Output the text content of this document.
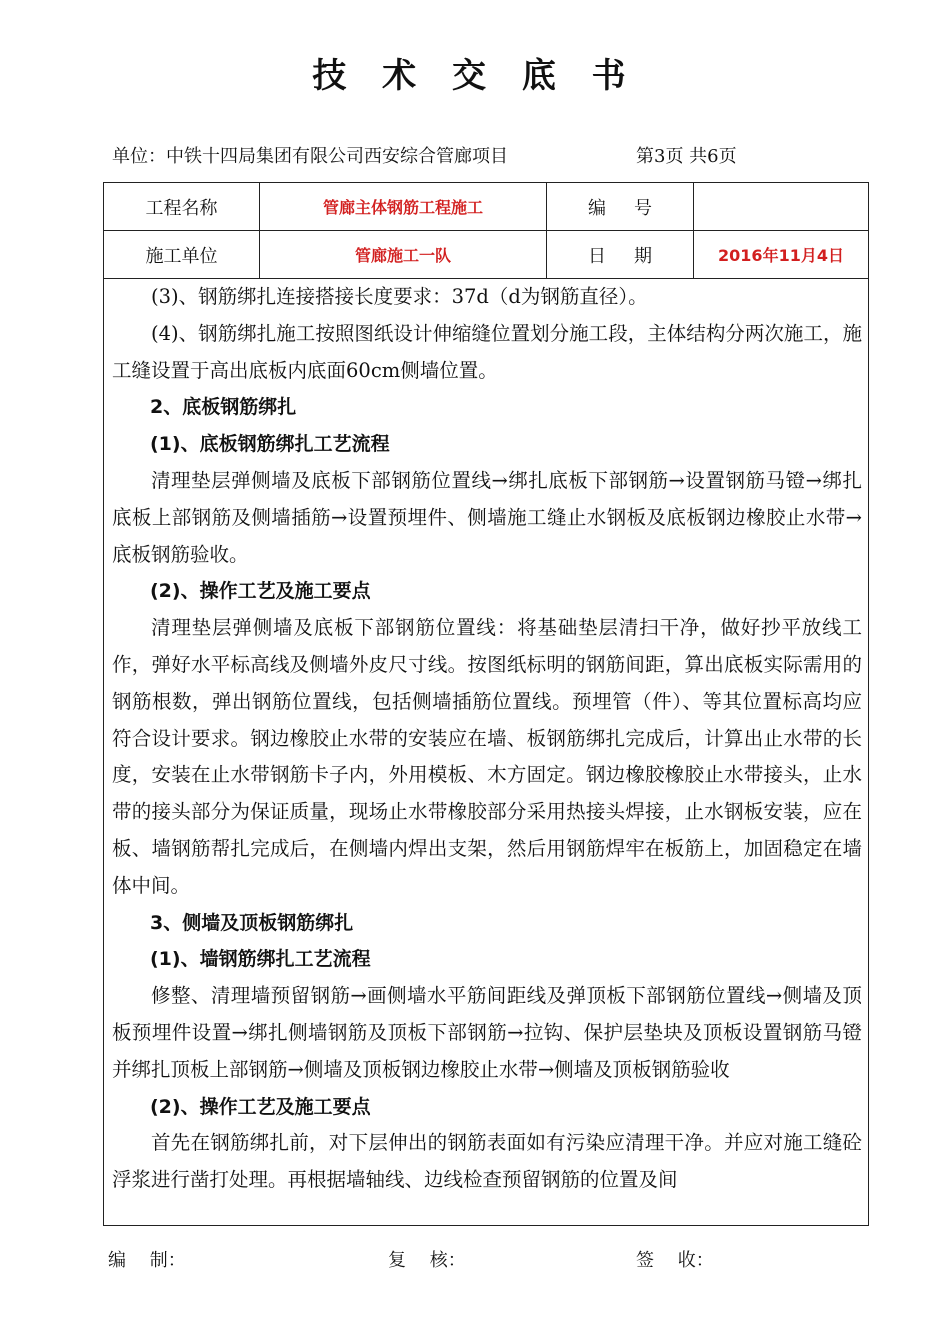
技 术 交 底 书
单位：中铁十四局集团有限公司西安综合管廊项目	第3页 共6页
工程名称	管廊主体钢筋工程施工	编号
施工单位	管廊施工一队	日期	2016年11月4日

(3)、钢筋绑扎连接搭接长度要求：37d（d为钢筋直径）。

(4)、钢筋绑扎施工按照图纸设计伸缩缝位置划分施工段，主体结构分两次施工，施工缝设置于高出底板内底面60cm侧墙位置。

2、底板钢筋绑扎

(1)、底板钢筋绑扎工艺流程

清理垫层弹侧墙及底板下部钢筋位置线→绑扎底板下部钢筋→设置钢筋马镫→绑扎底板上部钢筋及侧墙插筋→设置预埋件、侧墙施工缝止水钢板及底板钢边橡胶止水带→底板钢筋验收。

(2)、操作工艺及施工要点

清理垫层弹侧墙及底板下部钢筋位置线：将基础垫层清扫干净，做好抄平放线工作，弹好水平标高线及侧墙外皮尺寸线。按图纸标明的钢筋间距，算出底板实际需用的钢筋根数，弹出钢筋位置线，包括侧墙插筋位置线。预埋管（件）、等其位置标高均应符合设计要求。钢边橡胶止水带的安装应在墙、板钢筋绑扎完成后，计算出止水带的长度，安装在止水带钢筋卡子内，外用模板、木方固定。钢边橡胶橡胶止水带接头，止水带的接头部分为保证质量，现场止水带橡胶部分采用热接头焊接，止水钢板安装，应在板、墙钢筋帮扎完成后，在侧墙内焊出支架，然后用钢筋焊牢在板筋上，加固稳定在墙体中间。

3、侧墙及顶板钢筋绑扎

(1)、墙钢筋绑扎工艺流程

修整、清理墙预留钢筋→画侧墙水平筋间距线及弹顶板下部钢筋位置线→侧墙及顶板预埋件设置→绑扎侧墙钢筋及顶板下部钢筋→拉钩、保护层垫块及顶板设置钢筋马镫并绑扎顶板上部钢筋→侧墙及顶板钢边橡胶止水带→侧墙及顶板钢筋验收

(2)、操作工艺及施工要点

首先在钢筋绑扎前，对下层伸出的钢筋表面如有污染应清理干净。并应对施工缝砼浮浆进行凿打处理。再根据墙轴线、边线检查预留钢筋的位置及间

编　 制：	复　 核：	签　 收：
